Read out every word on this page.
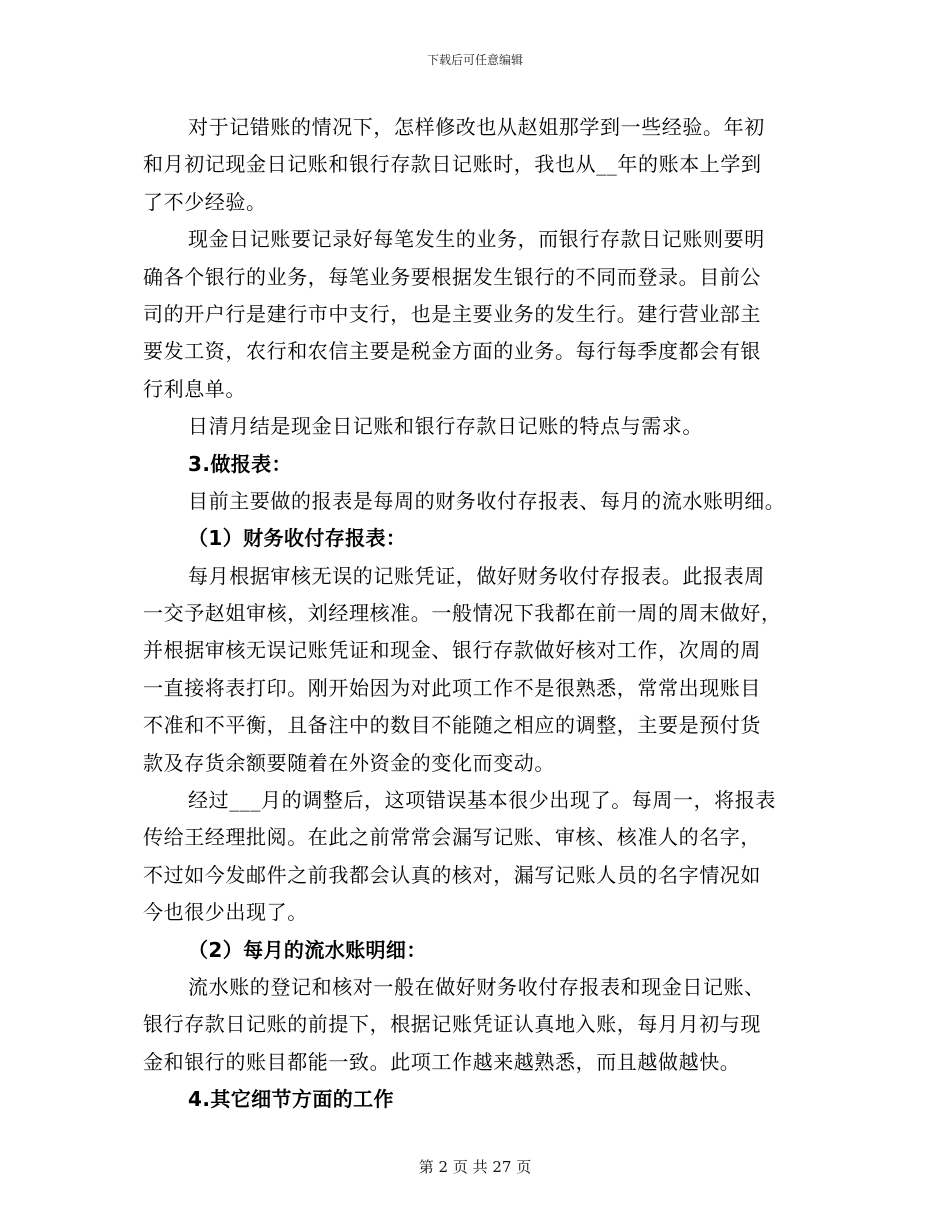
下载后可任意编辑
对于记错账的情况下，怎样修改也从赵姐那学到一些经验。年初
和月初记现金日记账和银行存款日记账时，我也从__年的账本上学到
了不少经验。
现金日记账要记录好每笔发生的业务，而银行存款日记账则要明
确各个银行的业务，每笔业务要根据发生银行的不同而登录。目前公
司的开户行是建行市中支行，也是主要业务的发生行。建行营业部主
要发工资，农行和农信主要是税金方面的业务。每行每季度都会有银
行利息单。
日清月结是现金日记账和银行存款日记账的特点与需求。
3.做报表：
目前主要做的报表是每周的财务收付存报表、每月的流水账明细。
（1）财务收付存报表：
每月根据审核无误的记账凭证，做好财务收付存报表。此报表周
一交予赵姐审核，刘经理核准。一般情况下我都在前一周的周末做好，
并根据审核无误记账凭证和现金、银行存款做好核对工作，次周的周
一直接将表打印。刚开始因为对此项工作不是很熟悉，常常出现账目
不准和不平衡，且备注中的数目不能随之相应的调整，主要是预付货
款及存货余额要随着在外资金的变化而变动。
经过___月的调整后，这项错误基本很少出现了。每周一，将报表
传给王经理批阅。在此之前常常会漏写记账、审核、核准人的名字，
不过如今发邮件之前我都会认真的核对，漏写记账人员的名字情况如
今也很少出现了。
（2）每月的流水账明细：
流水账的登记和核对一般在做好财务收付存报表和现金日记账、
银行存款日记账的前提下，根据记账凭证认真地入账，每月月初与现
金和银行的账目都能一致。此项工作越来越熟悉，而且越做越快。
4.其它细节方面的工作
第 2 页 共 27 页
